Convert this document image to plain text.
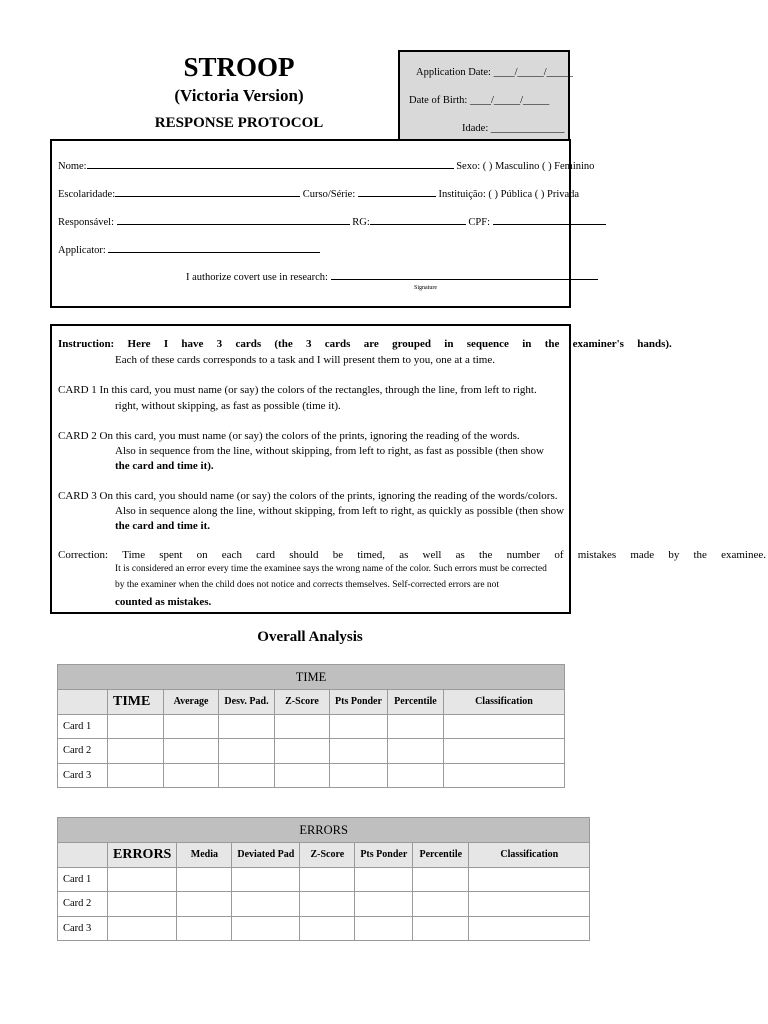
STROOP
(Victoria Version)
RESPONSE PROTOCOL
Application Date: ____/_____/_____
Date of Birth: ____/_____/_____
Idade: ______________
Nome:	Sexo: ( ) Masculino ( ) Feminino
Escolaridade:	Curso/Série:	Instituição: ( ) Pública ( ) Privada
Responsável:	RG:	CPF:
Applicator:
I authorize covert use in research:
Signature
Instruction: Here I have 3 cards (the 3 cards are grouped in sequence in the examiner's hands).
Each of these cards corresponds to a task and I will present them to you, one at a time.
CARD 1 In this card, you must name (or say) the colors of the rectangles, through the line, from left to right.
right, without skipping, as fast as possible (time it).
CARD 2 On this card, you must name (or say) the colors of the prints, ignoring the reading of the words.
Also in sequence from the line, without skipping, from left to right, as fast as possible (then show
the card and time it).
CARD 3 On this card, you should name (or say) the colors of the prints, ignoring the reading of the words/colors.
Also in sequence along the line, without skipping, from left to right, as quickly as possible (then show
the card and time it.
Correction: Time spent on each card should be timed, as well as the number of mistakes made by the examinee.
It is considered an error every time the examinee says the wrong name of the color. Such errors must be corrected
by the examiner when the child does not notice and corrects themselves. Self-corrected errors are not
counted as mistakes.
Overall Analysis
TIME							
	TIME	Average	Desv. Pad.	Z-Score	Pts Ponder	Percentile	Classification
Card 1							
Card 2							
Card 3							
ERRORS							
	ERRORS	Media	Deviated Pad	Z-Score	Pts Ponder	Percentile	Classification
Card 1							
Card 2							
Card 3							
